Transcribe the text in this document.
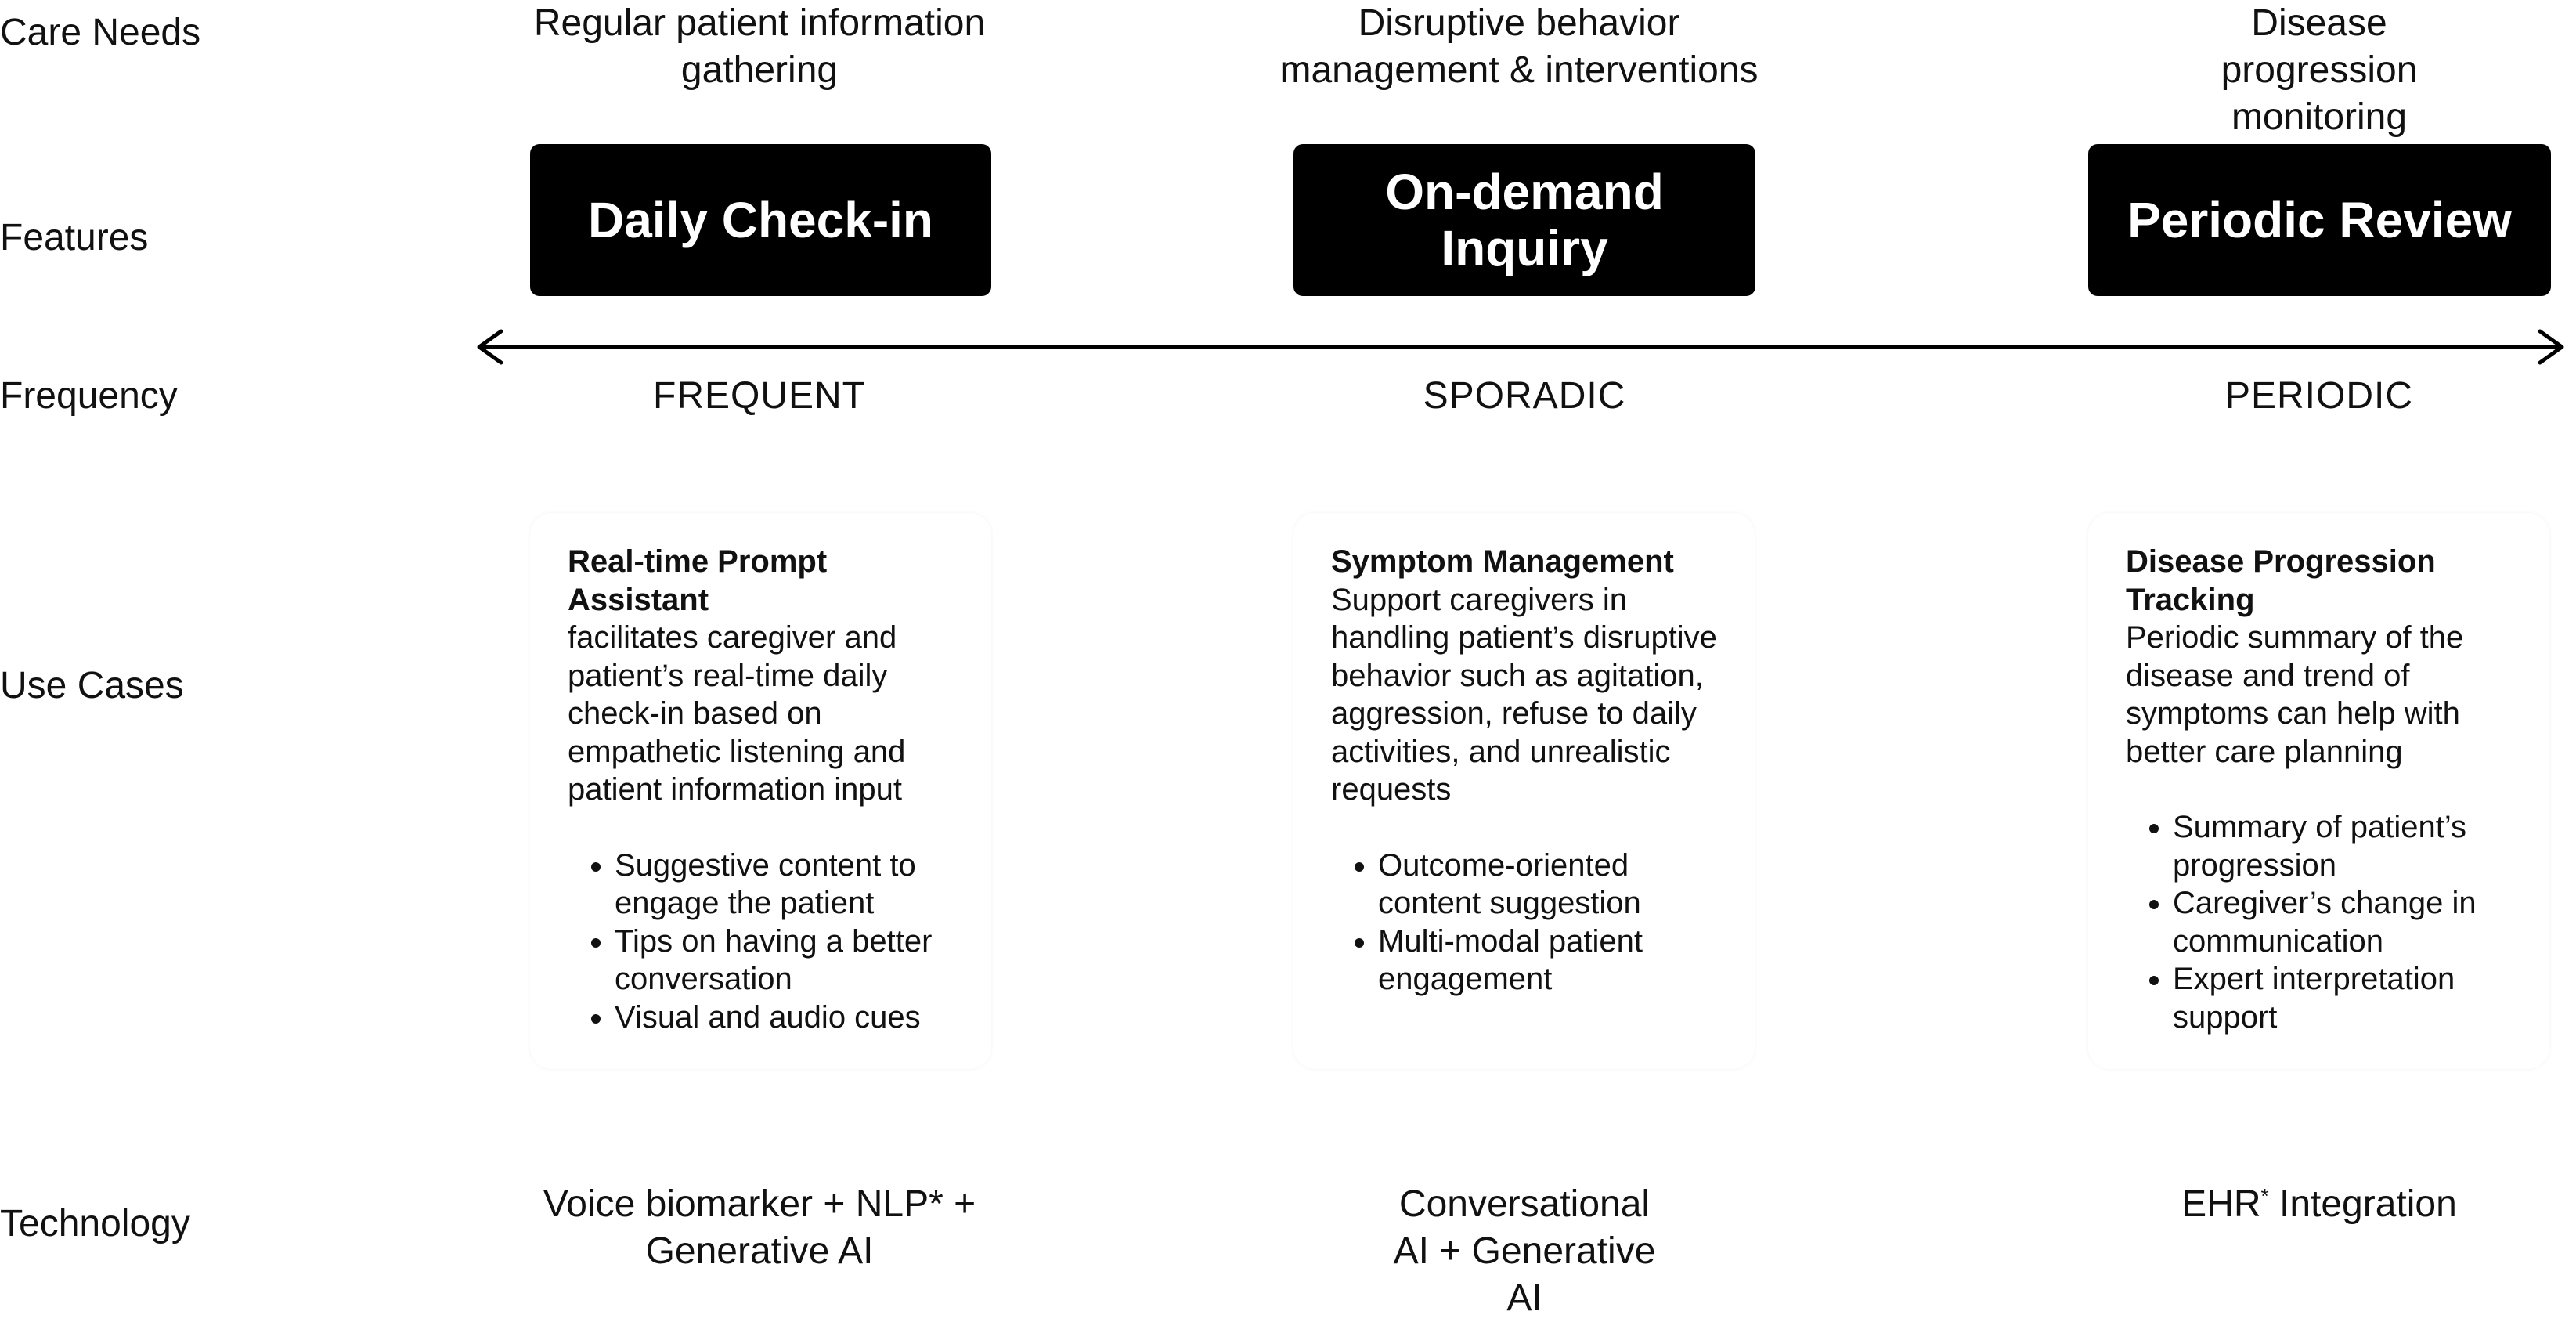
Care Needs
Features
Frequency
Use Cases
Technology
Regular patient information gathering
Daily Check-in
FREQUENT
Real-time Prompt Assistant
facilitates caregiver and patient’s real-time daily check-in based on empathetic listening and patient information input
• Suggestive content to engage the patient
• Tips on having a better conversation
• Visual and audio cues
Voice biomarker + NLP* + Generative AI
Disruptive behavior management & interventions
On-demand Inquiry
SPORADIC
Symptom Management
Support caregivers in handling patient’s disruptive behavior such as agitation, aggression, refuse to daily activities, and unrealistic requests
• Outcome-oriented content suggestion
• Multi-modal patient engagement
Conversational AI + Generative AI
Disease progression monitoring
Periodic Review
PERIODIC
Disease Progression Tracking
Periodic summary of the disease and trend of symptoms can help with better care planning
• Summary of patient’s progression
• Caregiver’s change in communication
• Expert interpretation support
EHR* Integration
